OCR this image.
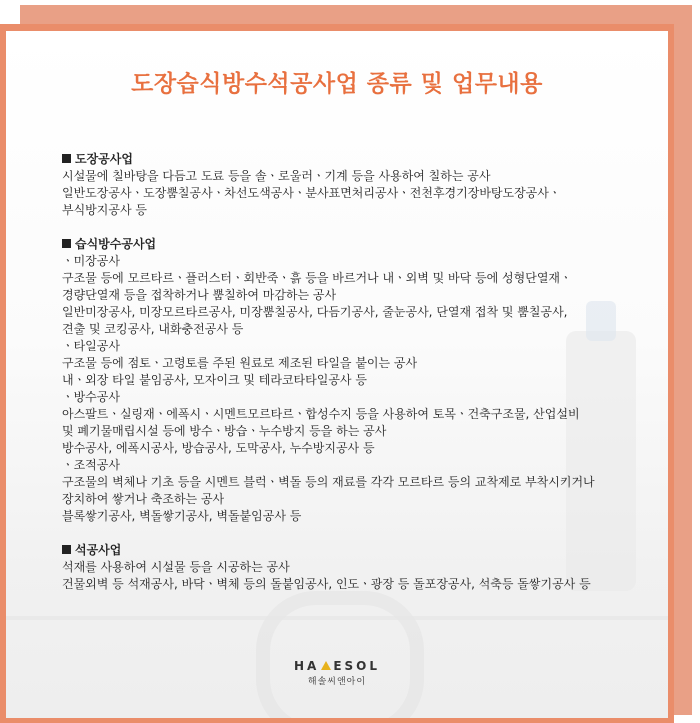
도장습식방수석공사업 종류 및 업무내용
도장공사업
시설물에 칠바탕을 다듬고 도료 등을 솔ㆍ로울러ㆍ기계 등을 사용하여 칠하는 공사
일반도장공사ㆍ도장뿜칠공사ㆍ차선도색공사ㆍ분사표면처리공사ㆍ전천후경기장바탕도장공사ㆍ
부식방지공사 등
습식방수공사업
ㆍ미장공사
구조물 등에 모르타르ㆍ플러스터ㆍ회반죽ㆍ흙 등을 바르거나 내ㆍ외벽 및 바닥 등에 성형단열재ㆍ
경량단열재 등을 접착하거나 뿜칠하여 마감하는 공사
일반미장공사, 미장모르타르공사, 미장뿜칠공사, 다듬기공사, 줄눈공사, 단열재 접착 및 뿜칠공사,
견출 및 코킹공사, 내화충전공사 등
ㆍ타일공사
구조물 등에 점토ㆍ고령토를 주된 원료로 제조된 타일을 붙이는 공사
내ㆍ외장 타일 붙임공사, 모자이크 및 테라코타타일공사 등
ㆍ방수공사
아스팔트ㆍ실링재ㆍ에폭시ㆍ시멘트모르타르ㆍ합성수지 등을 사용하여 토목ㆍ건축구조물, 산업설비
및 폐기물매립시설 등에 방수ㆍ방습ㆍ누수방지 등을 하는 공사
방수공사, 에폭시공사, 방습공사, 도막공사, 누수방지공사 등
ㆍ조적공사
구조물의 벽체나 기초 등을 시멘트 블럭ㆍ벽돌 등의 재료를 각각 모르타르 등의 교착제로 부착시키거나
장치하여 쌓거나 축조하는 공사
블록쌓기공사, 벽돌쌓기공사, 벽돌붙임공사 등
석공사업
석재를 사용하여 시설물 등을 시공하는 공사
건물외벽 등 석재공사, 바닥ㆍ벽체 등의 돌붙임공사, 인도ㆍ광장 등 돌포장공사, 석축등 돌쌓기공사 등
HA ESOL
해솔씨앤아이
